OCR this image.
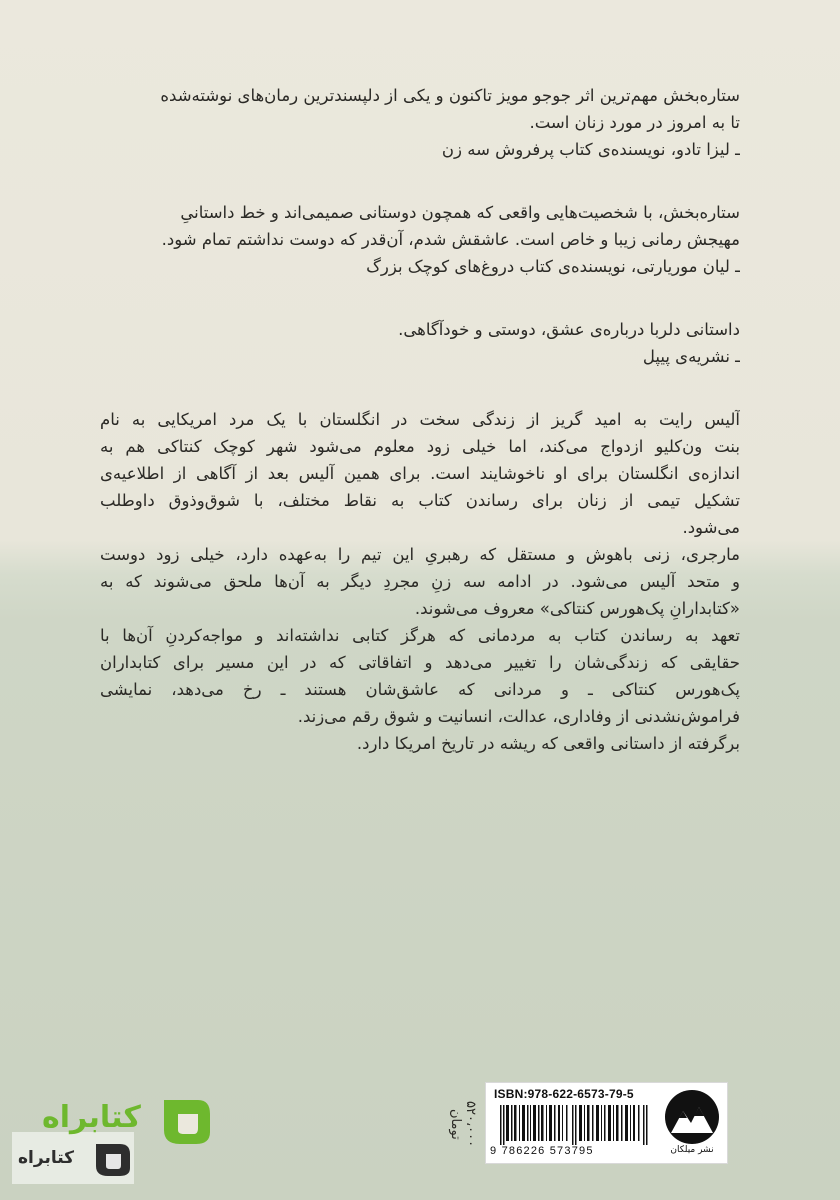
ستاره‌بخش مهم‌ترین اثر جوجو مویز تاکنون و یکی از دلپسندترین رمان‌های نوشته‌شده
تا به امروز در مورد زنان است.
ـ لیزا تادو، نویسنده‌ی کتاب پرفروش سه زن
ستاره‌بخش، با شخصیت‌هایی واقعی که همچون دوستانی صمیمی‌اند و خط داستانیِ
مهیجش رمانی زیبا و خاص است. عاشقش شدم، آن‌قدر که دوست نداشتم تمام شود.
ـ لیان موریارتی، نویسنده‌ی کتاب دروغ‌های کوچک بزرگ
داستانی دلربا درباره‌ی عشق، دوستی و خودآگاهی.
ـ نشریه‌ی پیپل
آلیس رایت به امید گریز از زندگی سخت در انگلستان با یک مرد امریکایی به نام
بنت ون‌کلیو ازدواج می‌کند، اما خیلی زود معلوم می‌شود شهر کوچک کنتاکی هم به
اندازه‌ی انگلستان برای او ناخوشایند است. برای همین آلیس بعد از آگاهی از اطلاعیه‌ی
تشکیل تیمی از زنان برای رساندن کتاب به نقاط مختلف، با شوق‌وذوق داوطلب
می‌شود.
مارجری، زنی باهوش و مستقل که رهبریِ این تیم را به‌عهده دارد، خیلی زود دوست
و متحد آلیس می‌شود. در ادامه سه زنِ مجردِ دیگر به آن‌ها ملحق می‌شوند که به
«کتابدارانِ پک‌هورس کنتاکی» معروف می‌شوند.
تعهد به رساندن کتاب به مردمانی که هرگز کتابی نداشته‌اند و مواجه‌کردنِ آن‌ها با
حقایقی که زندگی‌شان را تغییر می‌دهد و اتفاقاتی که در این مسیر برای کتابداران
پک‌هورس کنتاکی ـ و مردانی که عاشق‌شان هستند ـ رخ می‌دهد، نمایشی
فراموش‌نشدنی از وفاداری، عدالت، انسانیت و شوق رقم می‌زند.
برگرفته از داستانی واقعی که ریشه در تاریخ امریکا دارد.
۵۲۰،۰۰۰ تومان
ISBN:978-622-6573-79-5
9 786226 573795	نشر میلکان
کتابراه
کتابراه
